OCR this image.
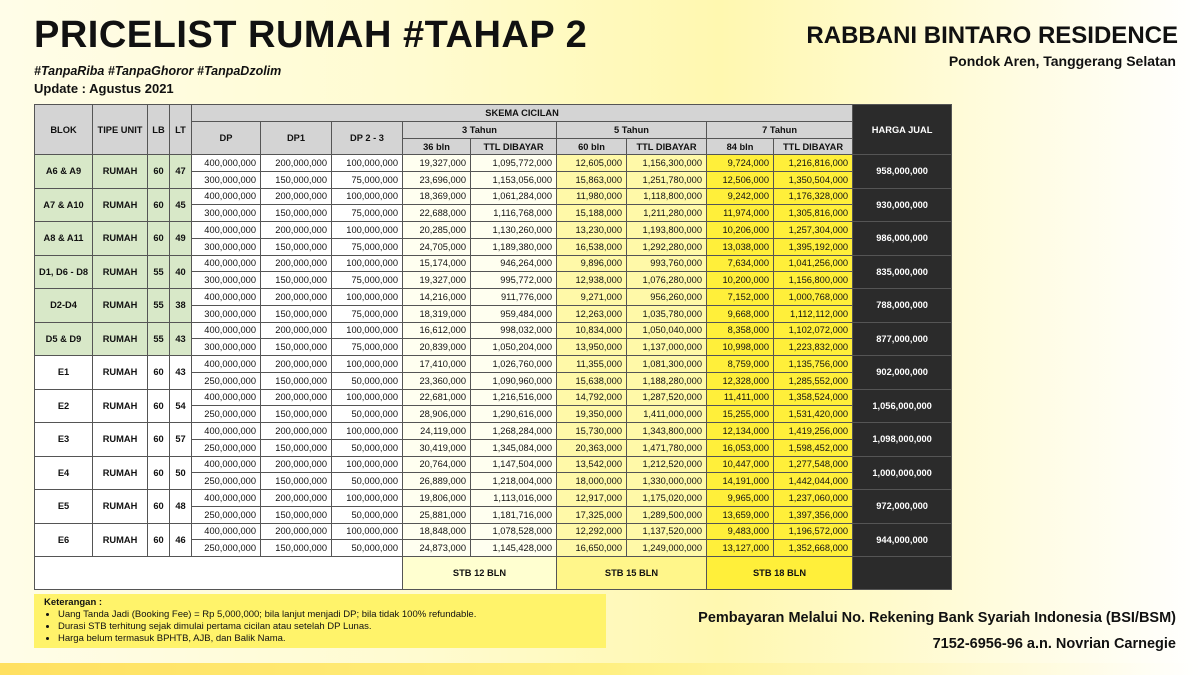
PRICELIST RUMAH #TAHAP 2
#TanpaRiba #TanpaGhoror #TanpaDzolim
Update : Agustus 2021
RABBANI BINTARO RESIDENCE
Pondok Aren, Tanggerang Selatan
BLOK	TIPE UNIT	LB	LT	SKEMA CICILAN									HARGA JUAL
				DP	DP1	DP 2 - 3	3 Tahun		5 Tahun		7 Tahun		
							36 bln	TTL DIBAYAR	60 bln	TTL DIBAYAR	84 bln	TTL DIBAYAR	
A6 & A9	RUMAH	60	47	400,000,000	200,000,000	100,000,000	19,327,000	1,095,772,000	12,605,000	1,156,300,000	9,724,000	1,216,816,000	958,000,000
				300,000,000	150,000,000	75,000,000	23,696,000	1,153,056,000	15,863,000	1,251,780,000	12,506,000	1,350,504,000	
A7 & A10	RUMAH	60	45	400,000,000	200,000,000	100,000,000	18,369,000	1,061,284,000	11,980,000	1,118,800,000	9,242,000	1,176,328,000	930,000,000
				300,000,000	150,000,000	75,000,000	22,688,000	1,116,768,000	15,188,000	1,211,280,000	11,974,000	1,305,816,000	
A8 & A11	RUMAH	60	49	400,000,000	200,000,000	100,000,000	20,285,000	1,130,260,000	13,230,000	1,193,800,000	10,206,000	1,257,304,000	986,000,000
				300,000,000	150,000,000	75,000,000	24,705,000	1,189,380,000	16,538,000	1,292,280,000	13,038,000	1,395,192,000	
D1, D6 - D8	RUMAH	55	40	400,000,000	200,000,000	100,000,000	15,174,000	946,264,000	9,896,000	993,760,000	7,634,000	1,041,256,000	835,000,000
				300,000,000	150,000,000	75,000,000	19,327,000	995,772,000	12,938,000	1,076,280,000	10,200,000	1,156,800,000	
D2-D4	RUMAH	55	38	400,000,000	200,000,000	100,000,000	14,216,000	911,776,000	9,271,000	956,260,000	7,152,000	1,000,768,000	788,000,000
				300,000,000	150,000,000	75,000,000	18,319,000	959,484,000	12,263,000	1,035,780,000	9,668,000	1,112,112,000	
D5 & D9	RUMAH	55	43	400,000,000	200,000,000	100,000,000	16,612,000	998,032,000	10,834,000	1,050,040,000	8,358,000	1,102,072,000	877,000,000
				300,000,000	150,000,000	75,000,000	20,839,000	1,050,204,000	13,950,000	1,137,000,000	10,998,000	1,223,832,000	
E1	RUMAH	60	43	400,000,000	200,000,000	100,000,000	17,410,000	1,026,760,000	11,355,000	1,081,300,000	8,759,000	1,135,756,000	902,000,000
				250,000,000	150,000,000	50,000,000	23,360,000	1,090,960,000	15,638,000	1,188,280,000	12,328,000	1,285,552,000	
E2	RUMAH	60	54	400,000,000	200,000,000	100,000,000	22,681,000	1,216,516,000	14,792,000	1,287,520,000	11,411,000	1,358,524,000	1,056,000,000
				250,000,000	150,000,000	50,000,000	28,906,000	1,290,616,000	19,350,000	1,411,000,000	15,255,000	1,531,420,000	
E3	RUMAH	60	57	400,000,000	200,000,000	100,000,000	24,119,000	1,268,284,000	15,730,000	1,343,800,000	12,134,000	1,419,256,000	1,098,000,000
				250,000,000	150,000,000	50,000,000	30,419,000	1,345,084,000	20,363,000	1,471,780,000	16,053,000	1,598,452,000	
E4	RUMAH	60	50	400,000,000	200,000,000	100,000,000	20,764,000	1,147,504,000	13,542,000	1,212,520,000	10,447,000	1,277,548,000	1,000,000,000
				250,000,000	150,000,000	50,000,000	26,889,000	1,218,004,000	18,000,000	1,330,000,000	14,191,000	1,442,044,000	
E5	RUMAH	60	48	400,000,000	200,000,000	100,000,000	19,806,000	1,113,016,000	12,917,000	1,175,020,000	9,965,000	1,237,060,000	972,000,000
				250,000,000	150,000,000	50,000,000	25,881,000	1,181,716,000	17,325,000	1,289,500,000	13,659,000	1,397,356,000	
E6	RUMAH	60	46	400,000,000	200,000,000	100,000,000	18,848,000	1,078,528,000	12,292,000	1,137,520,000	9,483,000	1,196,572,000	944,000,000
				250,000,000	150,000,000	50,000,000	24,873,000	1,145,428,000	16,650,000	1,249,000,000	13,127,000	1,352,668,000	
							STB 12 BLN		STB 15 BLN		STB 18 BLN		
Keterangan :
• Uang Tanda Jadi (Booking Fee) = Rp 5,000,000; bila lanjut menjadi DP; bila tidak 100% refundable.
• Durasi STB terhitung sejak dimulai pertama cicilan atau setelah DP Lunas.
• Harga belum termasuk BPHTB, AJB, dan Balik Nama.
Pembayaran Melalui No. Rekening Bank Syariah Indonesia (BSI/BSM)
7152-6956-96 a.n. Novrian Carnegie
